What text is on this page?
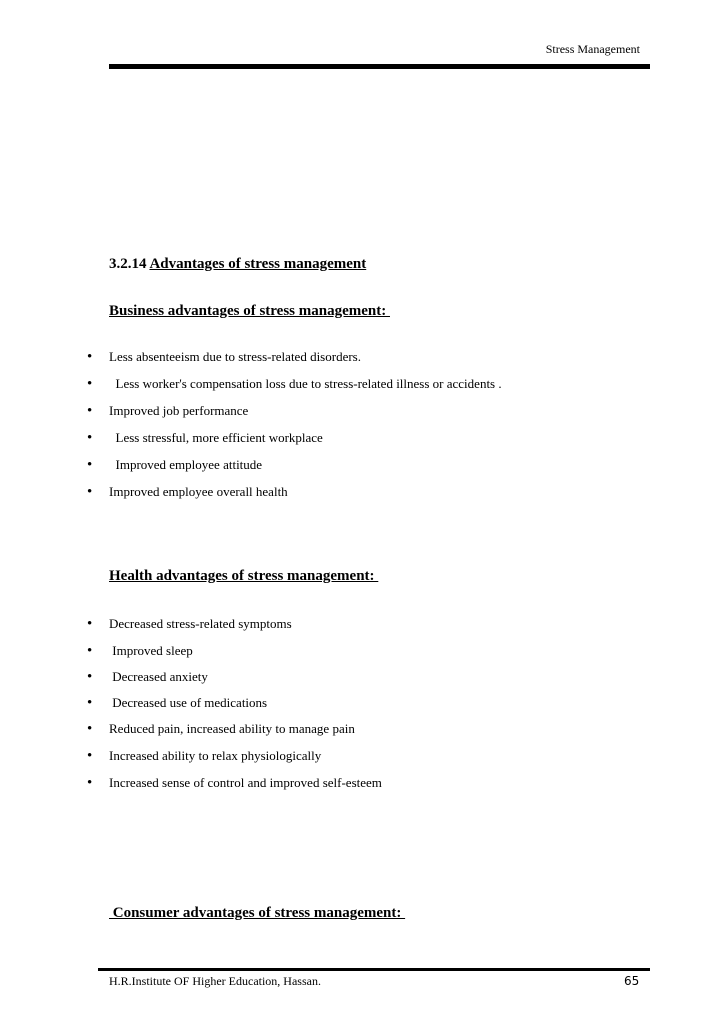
Stress Management
3.2.14 Advantages of stress management
Business advantages of stress management:
• Less absenteeism due to stress-related disorders.
• Less worker's compensation loss due to stress-related illness or accidents .
• Improved job performance
• Less stressful, more efficient workplace
• Improved employee attitude
• Improved employee overall health
Health advantages of stress management:
• Decreased stress-related symptoms
• Improved sleep
• Decreased anxiety
• Decreased use of medications
• Reduced pain, increased ability to manage pain
• Increased ability to relax physiologically
• Increased sense of control and improved self-esteem
Consumer advantages of stress management:
H.R.Institute OF Higher Education, Hassan.	65
